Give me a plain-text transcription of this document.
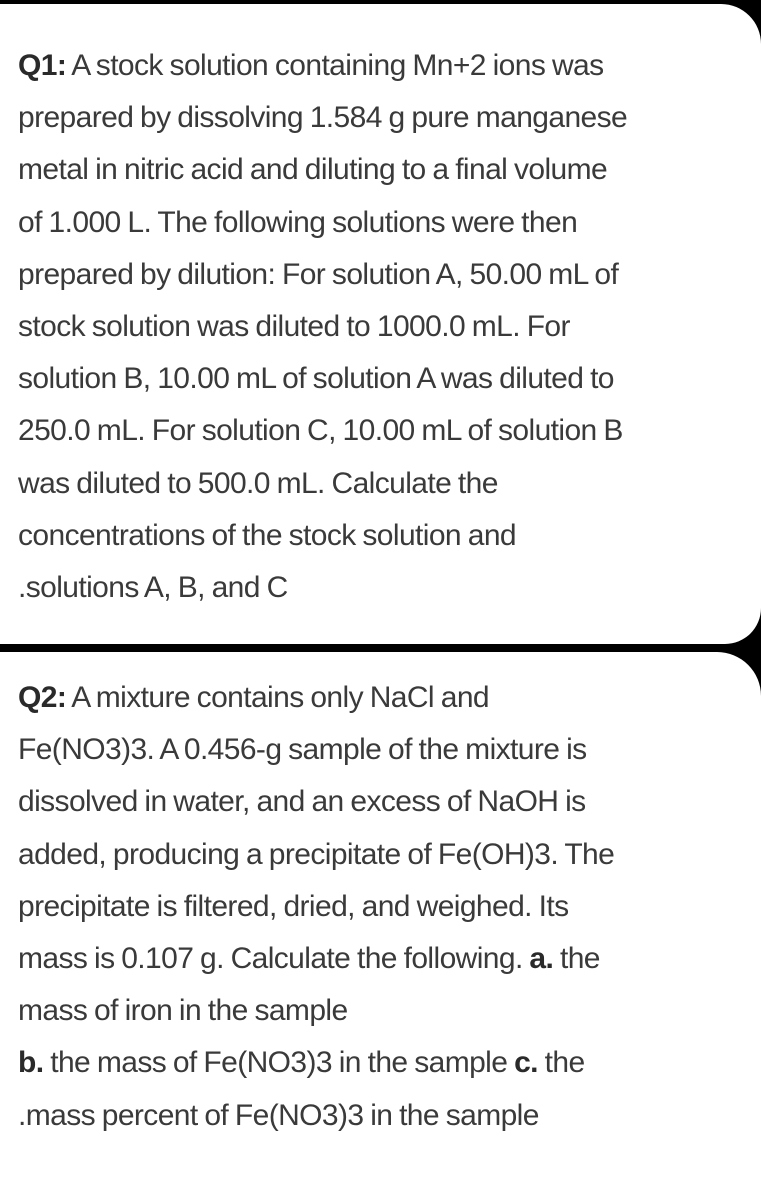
Q1: A stock solution containing Mn+2 ions was
prepared by dissolving 1.584 g pure manganese
metal in nitric acid and diluting to a final volume
of 1.000 L. The following solutions were then
prepared by dilution: For solution A, 50.00 mL of
stock solution was diluted to 1000.0 mL. For
solution B, 10.00 mL of solution A was diluted to
250.0 mL. For solution C, 10.00 mL of solution B
was diluted to 500.0 mL. Calculate the
concentrations of the stock solution and
.solutions A, B, and C

Q2: A mixture contains only NaCl and
Fe(NO3)3. A 0.456-g sample of the mixture is
dissolved in water, and an excess of NaOH is
added, producing a precipitate of Fe(OH)3. The
precipitate is filtered, dried, and weighed. Its
mass is 0.107 g. Calculate the following. a. the
mass of iron in the sample
b. the mass of Fe(NO3)3 in the sample c. the
.mass percent of Fe(NO3)3 in the sample
